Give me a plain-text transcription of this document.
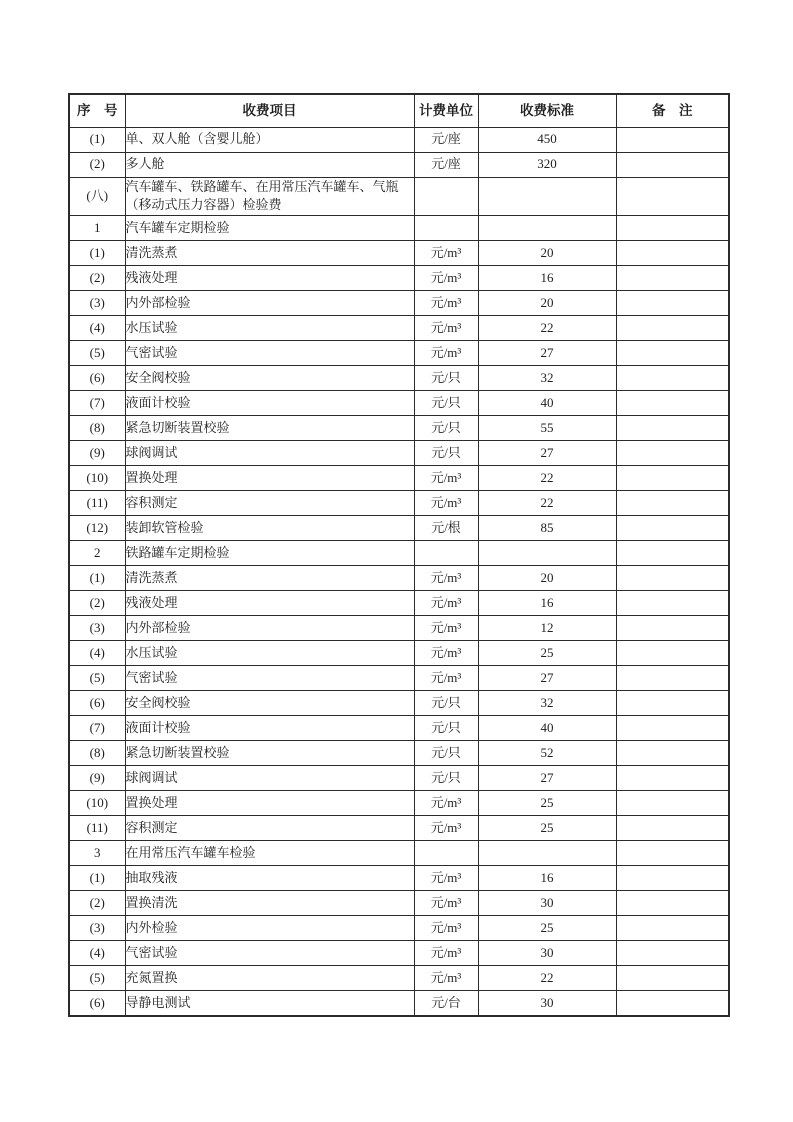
序　号	收费项目	计费单位	收费标准	备　注
(1)	单、双人舱（含婴儿舱）	元/座	450	
(2)	多人舱	元/座	320	
(八)	汽车罐车、铁路罐车、在用常压汽车罐车、气瓶（移动式压力容器）检验费			
1	汽车罐车定期检验			
(1)	清洗蒸煮	元/m³	20	
(2)	残液处理	元/m³	16	
(3)	内外部检验	元/m³	20	
(4)	水压试验	元/m³	22	
(5)	气密试验	元/m³	27	
(6)	安全阀校验	元/只	32	
(7)	液面计校验	元/只	40	
(8)	紧急切断装置校验	元/只	55	
(9)	球阀调试	元/只	27	
(10)	置换处理	元/m³	22	
(11)	容积测定	元/m³	22	
(12)	装卸软管检验	元/根	85	
2	铁路罐车定期检验			
(1)	清洗蒸煮	元/m³	20	
(2)	残液处理	元/m³	16	
(3)	内外部检验	元/m³	12	
(4)	水压试验	元/m³	25	
(5)	气密试验	元/m³	27	
(6)	安全阀校验	元/只	32	
(7)	液面计校验	元/只	40	
(8)	紧急切断装置校验	元/只	52	
(9)	球阀调试	元/只	27	
(10)	置换处理	元/m³	25	
(11)	容积测定	元/m³	25	
3	在用常压汽车罐车检验			
(1)	抽取残液	元/m³	16	
(2)	置换清洗	元/m³	30	
(3)	内外检验	元/m³	25	
(4)	气密试验	元/m³	30	
(5)	充氮置换	元/m³	22	
(6)	导静电测试	元/台	30	
